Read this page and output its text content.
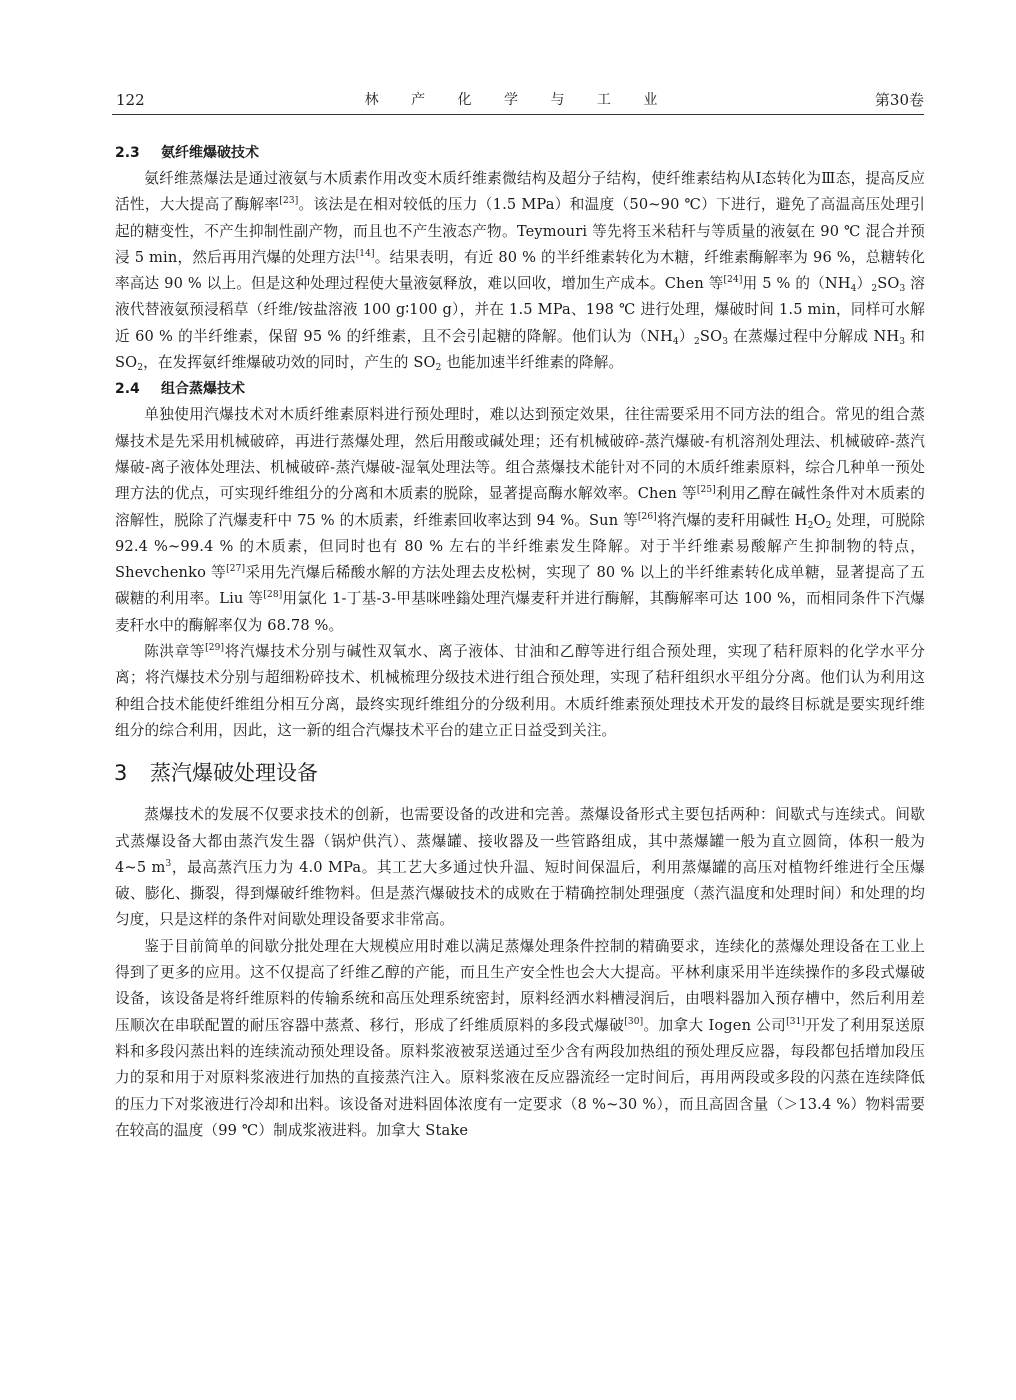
122	林 产 化 学 与 工 业	第30卷
2.3 氨纤维爆破技术

氨纤维蒸爆法是通过液氨与木质素作用改变木质纤维素微结构及超分子结构，使纤维素结构从Ⅰ态转化为Ⅲ态，提高反应活性，大大提高了酶解率[23]。该法是在相对较低的压力（1.5 MPa）和温度（50~90 ℃）下进行，避免了高温高压处理引起的糖变性，不产生抑制性副产物，而且也不产生液态产物。Teymouri 等先将玉米秸秆与等质量的液氨在 90 ℃ 混合并预浸 5 min，然后再用汽爆的处理方法[14]。结果表明，有近 80 % 的半纤维素转化为木糖，纤维素酶解率为 96 %，总糖转化率高达 90 % 以上。但是这种处理过程使大量液氨释放，难以回收，增加生产成本。Chen 等[24]用 5 % 的$(NH_4)_2SO_3$ 溶液代替液氨预浸稻草（纤维/铵盐溶液 100 g∶100 g），并在 1.5 MPa、198 ℃ 进行处理，爆破时间 1.5 min，同样可水解近 60 % 的半纤维素，保留 95 % 的纤维素，且不会引起糖的降解。他们认为$(NH_4)_2SO_3$ 在蒸爆过程中分解成 $NH_3$ 和 $SO_2$，在发挥氨纤维爆破功效的同时，产生的 $SO_2$ 也能加速半纤维素的降解。

2.4 组合蒸爆技术

单独使用汽爆技术对木质纤维素原料进行预处理时，难以达到预定效果，往往需要采用不同方法的组合。常见的组合蒸爆技术是先采用机械破碎，再进行蒸爆处理，然后用酸或碱处理；还有机械破碎-蒸汽爆破-有机溶剂处理法、机械破碎-蒸汽爆破-离子液体处理法、机械破碎-蒸汽爆破-湿氧处理法等。组合蒸爆技术能针对不同的木质纤维素原料，综合几种单一预处理方法的优点，可实现纤维组分的分离和木质素的脱除，显著提高酶水解效率。Chen 等[25]利用乙醇在碱性条件对木质素的溶解性，脱除了汽爆麦秆中 75 % 的木质素，纤维素回收率达到 94 %。Sun 等[26]将汽爆的麦秆用碱性 $H_2O_2$ 处理，可脱除 92.4 %~99.4 % 的木质素，但同时也有 80 % 左右的半纤维素发生降解。对于半纤维素易酸解产生抑制物的特点，Shevchenko 等[27]采用先汽爆后稀酸水解的方法处理去皮松树，实现了 80 % 以上的半纤维素转化成单糖，显著提高了五碳糖的利用率。Liu 等[28]用氯化 1-丁基-3-甲基咪唑鎓处理汽爆麦秆并进行酶解，其酶解率可达 100 %，而相同条件下汽爆麦秆水中的酶解率仅为 68.78 %。

陈洪章等[29]将汽爆技术分别与碱性双氧水、离子液体、甘油和乙醇等进行组合预处理，实现了秸秆原料的化学水平分离；将汽爆技术分别与超细粉碎技术、机械梳理分级技术进行组合预处理，实现了秸秆组织水平组分分离。他们认为利用这种组合技术能使纤维组分相互分离，最终实现纤维组分的分级利用。木质纤维素预处理技术开发的最终目标就是要实现纤维组分的综合利用，因此，这一新的组合汽爆技术平台的建立正日益受到关注。

3 蒸汽爆破处理设备

蒸爆技术的发展不仅要求技术的创新，也需要设备的改进和完善。蒸爆设备形式主要包括两种：间歇式与连续式。间歇式蒸爆设备大都由蒸汽发生器（锅炉供汽）、蒸爆罐、接收器及一些管路组成，其中蒸爆罐一般为直立圆筒，体积一般为 4~5 $m^3$，最高蒸汽压力为 4.0 MPa。其工艺大多通过快升温、短时间保温后，利用蒸爆罐的高压对植物纤维进行全压爆破、膨化、撕裂，得到爆破纤维物料。但是蒸汽爆破技术的成败在于精确控制处理强度（蒸汽温度和处理时间）和处理的均匀度，只是这样的条件对间歇处理设备要求非常高。

鉴于目前简单的间歇分批处理在大规模应用时难以满足蒸爆处理条件控制的精确要求，连续化的蒸爆处理设备在工业上得到了更多的应用。这不仅提高了纤维乙醇的产能，而且生产安全性也会大大提高。平林利康采用半连续操作的多段式爆破设备，该设备是将纤维原料的传输系统和高压处理系统密封，原料经洒水料槽浸润后，由喂料器加入预存槽中，然后利用差压顺次在串联配置的耐压容器中蒸煮、移行，形成了纤维质原料的多段式爆破[30]。加拿大 Iogen 公司[31]开发了利用泵送原料和多段闪蒸出料的连续流动预处理设备。原料浆液被泵送通过至少含有两段加热组的预处理反应器，每段都包括增加段压力的泵和用于对原料浆液进行加热的直接蒸汽注入。原料浆液在反应器流经一定时间后，再用两段或多段的闪蒸在连续降低的压力下对浆液进行冷却和出料。该设备对进料固体浓度有一定要求（8 %~30 %），而且高固含量（＞13.4 %）物料需要在较高的温度（99 ℃）制成浆液进料。加拿大 Stake
